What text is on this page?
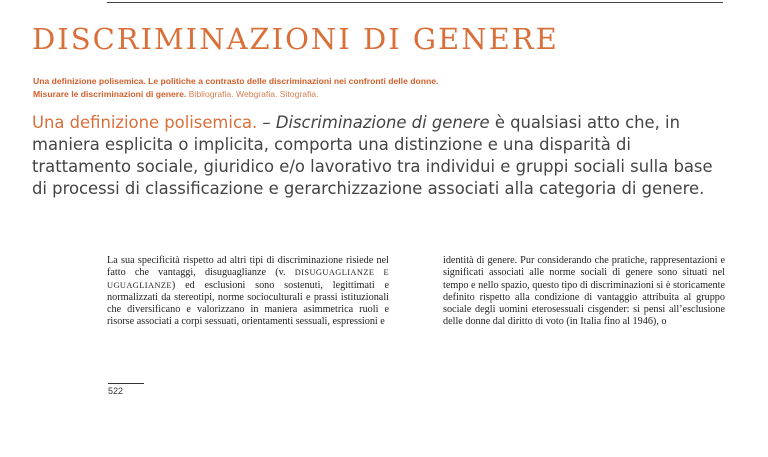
DISCRIMINAZIONI DI GENERE
Una definizione polisemica. Le politiche a contrasto delle discriminazioni nei confronti delle donne.
Misurare le discriminazioni di genere. Bibliografia. Webgrafia. Sitografia.

Una definizione polisemica. – Discriminazione di genere è qualsiasi atto che, in maniera esplicita o implicita, comporta una distinzione e una disparità di trattamento sociale, giuridico e/o lavorativo tra individui e gruppi sociali sulla base di processi di classificazione e gerarchizzazione associati alla categoria di genere.

La sua specificità rispetto ad altri tipi di discriminazione risiede nel fatto che vantaggi, disuguaglianze (v. DISUGUAGLIANZE E UGUAGLIANZE) ed esclusioni sono sostenuti, legittimati e normalizzati da stereotipi, norme socioculturali e prassi istituzionali che diversificano e valorizzano in maniera asimmetrica ruoli e risorse associati a corpi sessuati, orientamenti sessuali, espressioni e
identità di genere. Pur considerando che pratiche, rappresentazioni e significati associati alle norme sociali di genere sono situati nel tempo e nello spazio, questo tipo di discriminazioni si è storicamente definito rispetto alla condizione di vantaggio attribuita al gruppo sociale degli uomini eterosessuali cisgender: si pensi all’esclusione delle donne dal diritto di voto (in Italia fino al 1946), o
522
